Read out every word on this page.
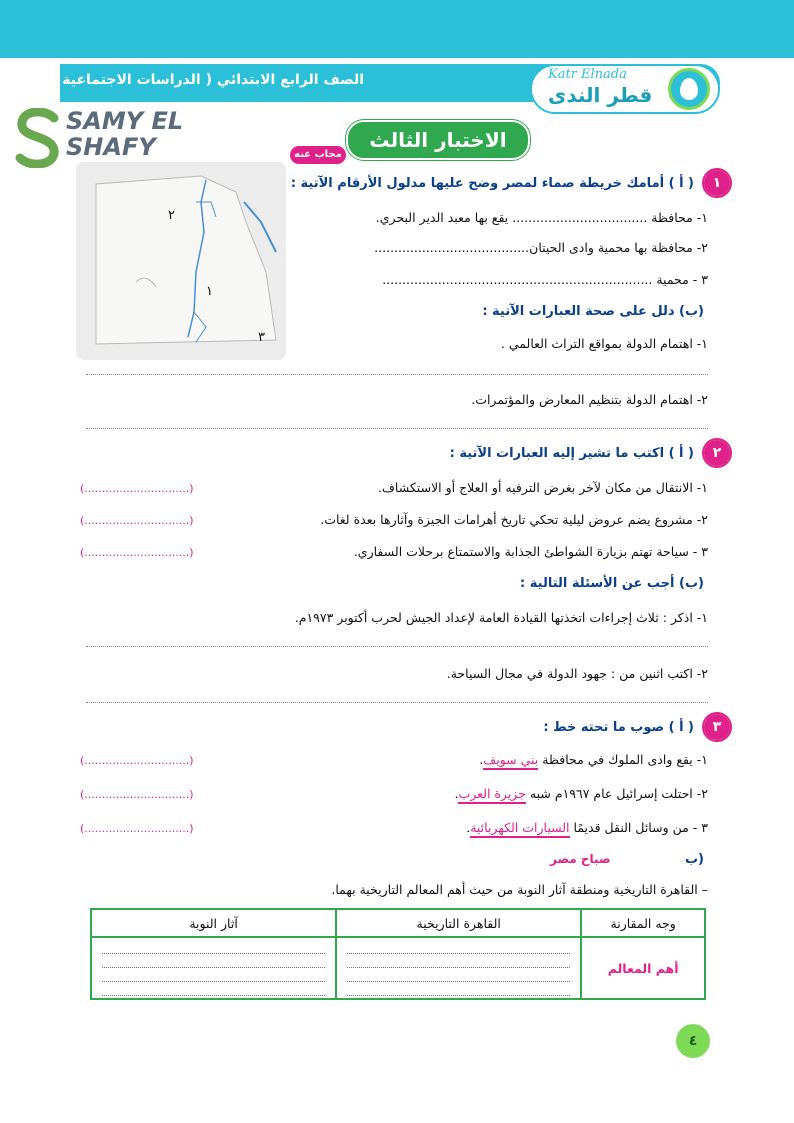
الصف الرابع الابتدائي ( الدراسات الاجتماعية )	Katr Elnada
قطر الندى
SAMY EL
SHAFY	الاختبار الثالث
مجاب عنه
٢
١
٣
١
( أ ) أمامك خريطة صماء لمصر وضح عليها مدلول الأرقام الآتية :
١- محافظة .................................. يقع بها معبد الدير البحري.
٢- محافظة بها محمية وادى الحيتان.......................................
٣ - محمية ....................................................................
(ب) دلل على صحة العبارات الآتية :
١- اهتمام الدولة بمواقع التراث العالمي .
٢- اهتمام الدولة بتنظيم المعارض والمؤتمرات.
٢
( أ ) اكتب ما تشير إليه العبارات الآتية :
١- الانتقال من مكان لآخر بغرض الترفيه أو العلاج أو الاستكشاف.
(..............................)
٢- مشروع يضم عروض ليلية تحكي تاريخ أهرامات الجيزة وآثارها بعدة لغات.
(..............................)
٣ - سياحة تهتم بزيارة الشواطئ الجذابة والاستمتاع برحلات السفاري.
(..............................)
(ب) أجب عن الأسئلة التالية :
١- اذكر : ثلاث إجراءات اتخذتها القيادة العامة لإعداد الجيش لحرب أكتوبر ١٩٧٣م.
٢- اكتب اثنين من : جهود الدولة في مجال السياحة.
٣
( أ ) صوب ما تحته خط :
١- يقع وادى الملوك في محافظة بني سويف.
(..............................)
٢- احتلت إسرائيل عام ١٩٦٧م شبه جزيرة العرب.
(..............................)
٣ - من وسائل النقل قديمًا السيارات الكهربائية.
(..............................)
(ب
صباح مصر
– القاهرة التاريخية ومنطقة آثار النوبة من حيث أهم المعالم التاريخية بهما.
وجه المقارنة	القاهرة التاريخية	آثار النوبة
أهم المعالم	

٤
